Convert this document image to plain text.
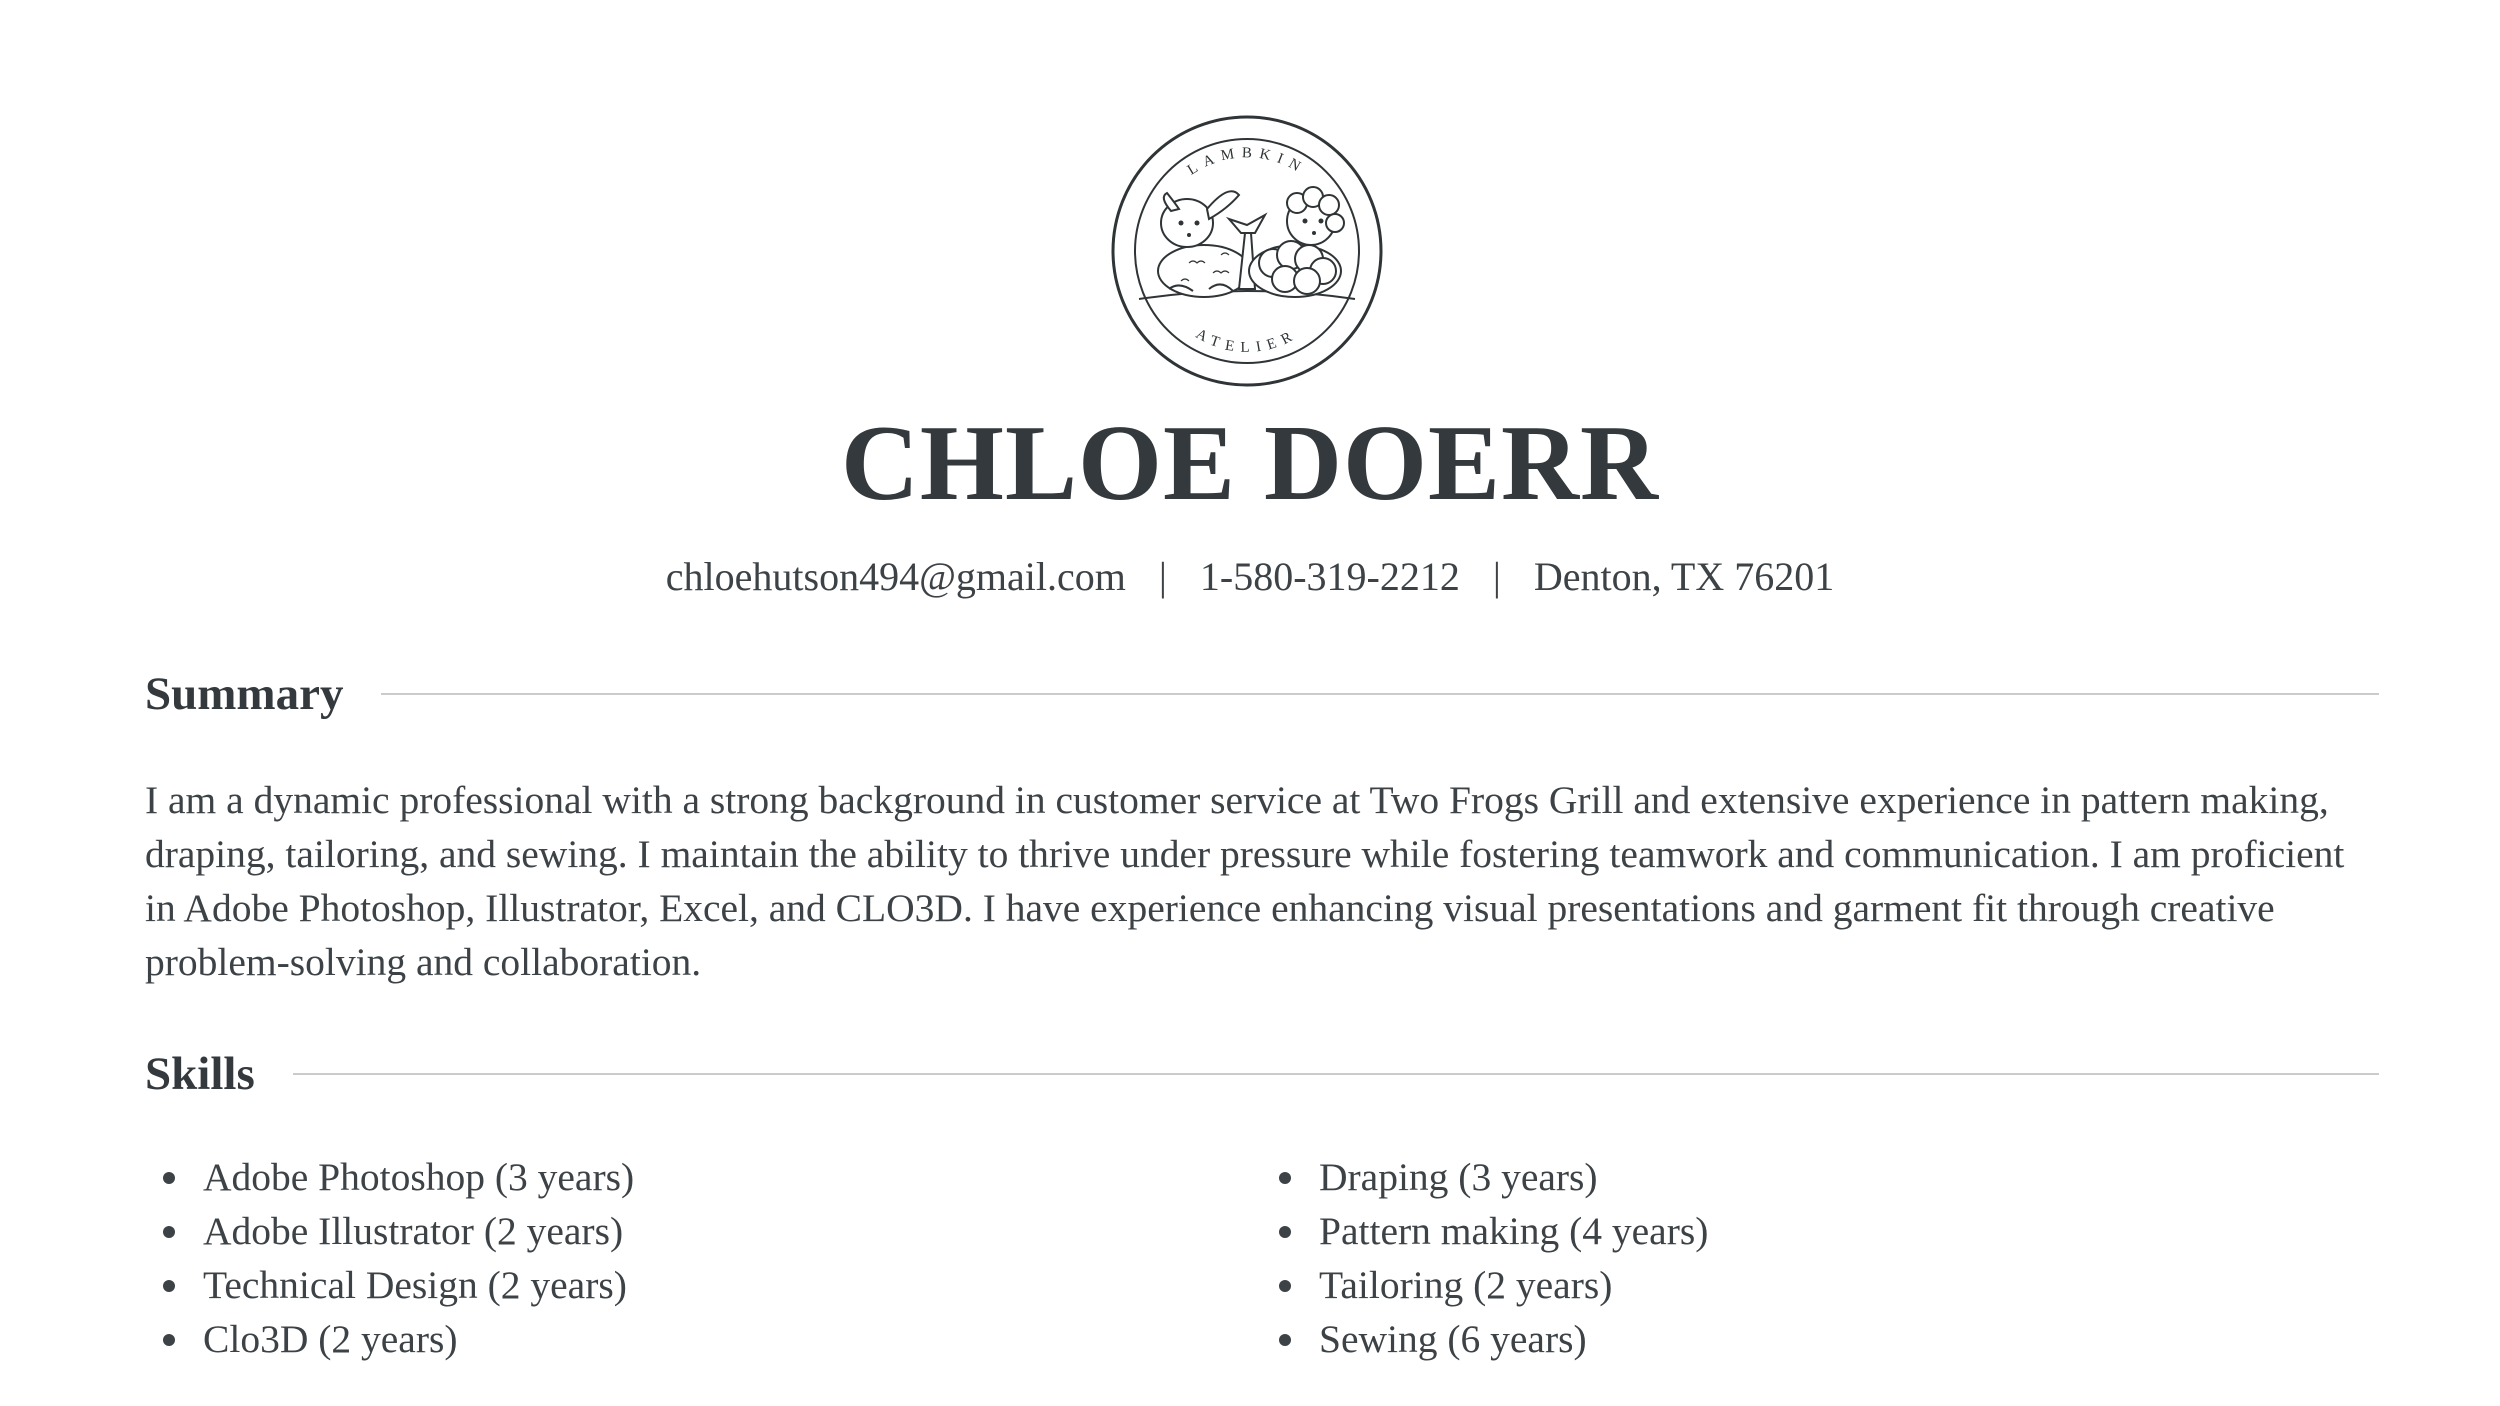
LAMBKIN
ATELIER
CHLOE DOERR
chloehutson494@gmail.com | 1-580-319-2212 | Denton, TX 76201
Summary
I am a dynamic professional with a strong background in customer service at Two Frogs Grill and extensive experience in pattern making, draping, tailoring, and sewing. I maintain the ability to thrive under pressure while fostering teamwork and communication. I am proficient in Adobe Photoshop, Illustrator, Excel, and CLO3D. I have experience enhancing visual presentations and garment fit through creative problem-solving and collaboration.
Skills
Adobe Photoshop (3 years)
Adobe Illustrator (2 years)
Technical Design (2 years)
Clo3D (2 years)
Draping (3 years)
Pattern making (4 years)
Tailoring (2 years)
Sewing (6 years)
